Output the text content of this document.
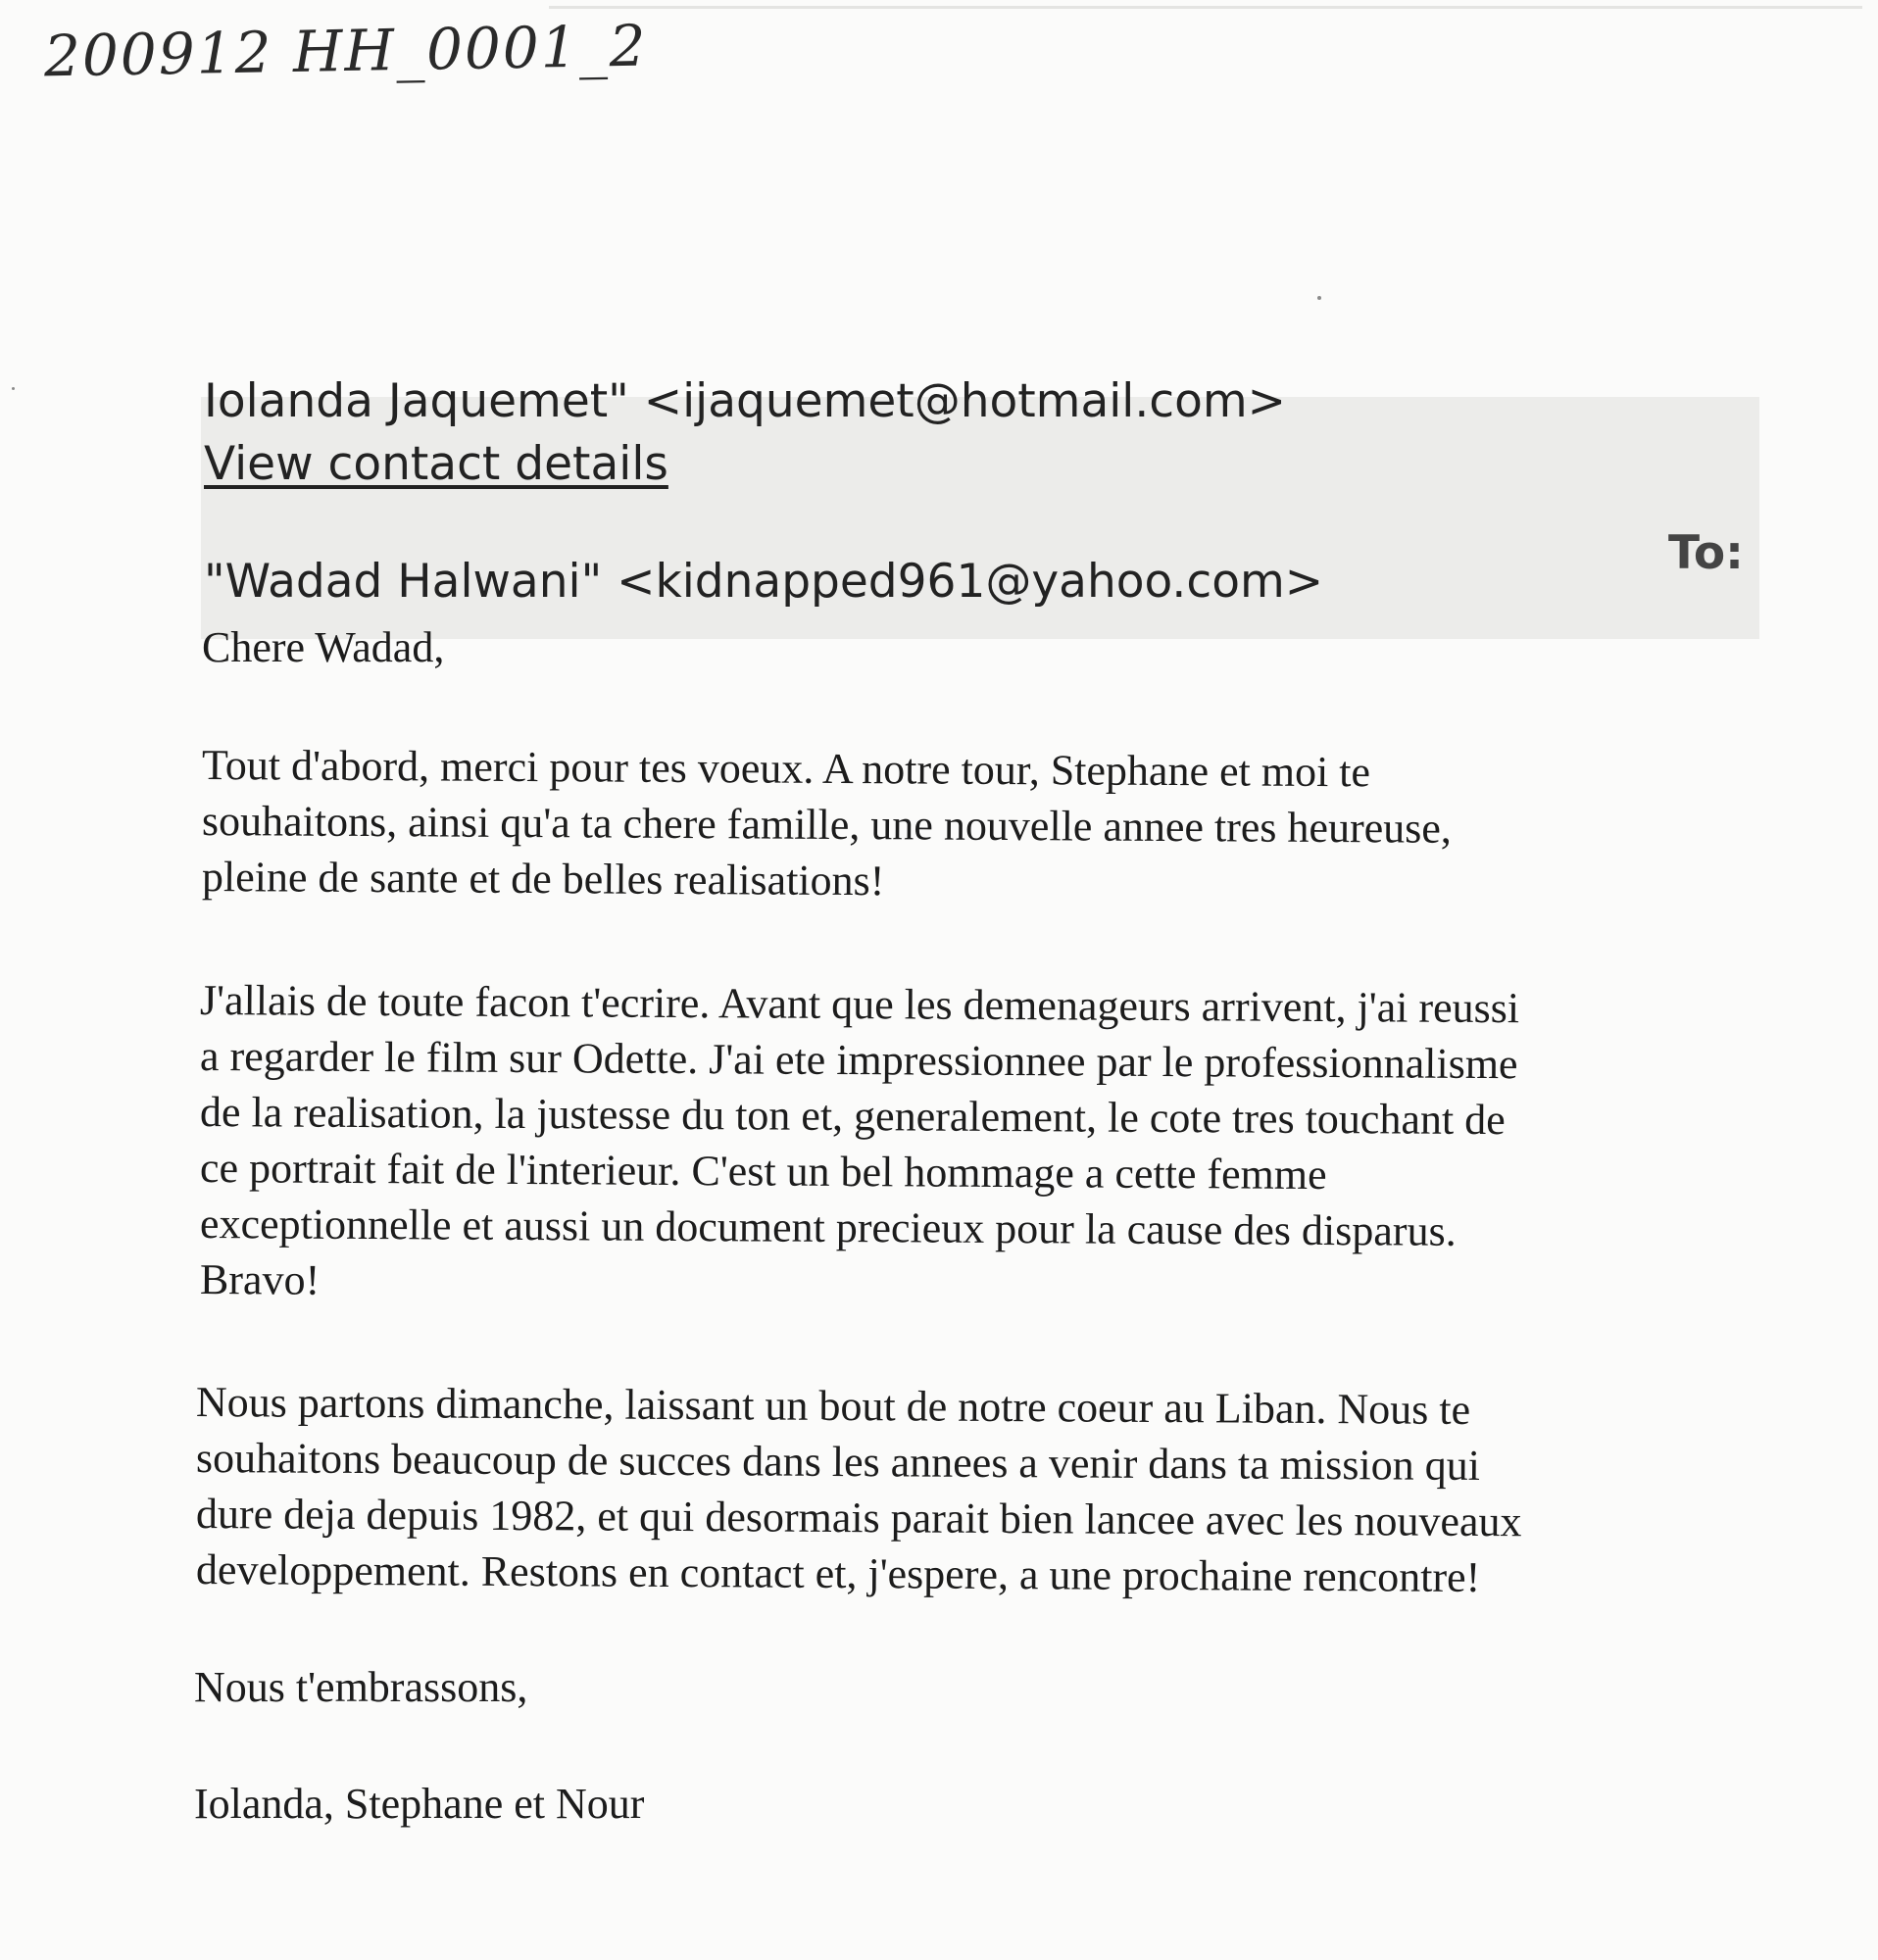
200912 HH_0001_2
Iolanda Jaquemet" <ijaquemet@hotmail.com>
View contact details
To:
"Wadad Halwani" <kidnapped961@yahoo.com>
Chere Wadad,
Tout d'abord, merci pour tes voeux. A notre tour, Stephane et moi te
souhaitons, ainsi qu'a ta chere famille, une nouvelle annee tres heureuse,
pleine de sante et de belles realisations!
J'allais de toute facon t'ecrire. Avant que les demenageurs arrivent, j'ai reussi
a regarder le film sur Odette. J'ai ete impressionnee par le professionnalisme
de la realisation, la justesse du ton et, generalement, le cote tres touchant de
ce portrait fait de l'interieur. C'est un bel hommage a cette femme
exceptionnelle et aussi un document precieux pour la cause des disparus.
Bravo!
Nous partons dimanche, laissant un bout de notre coeur au Liban. Nous te
souhaitons beaucoup de succes dans les annees a venir dans ta mission qui
dure deja depuis 1982, et qui desormais parait bien lancee avec les nouveaux
developpement. Restons en contact et, j'espere, a une prochaine rencontre!
Nous t'embrassons,
Iolanda, Stephane et Nour
